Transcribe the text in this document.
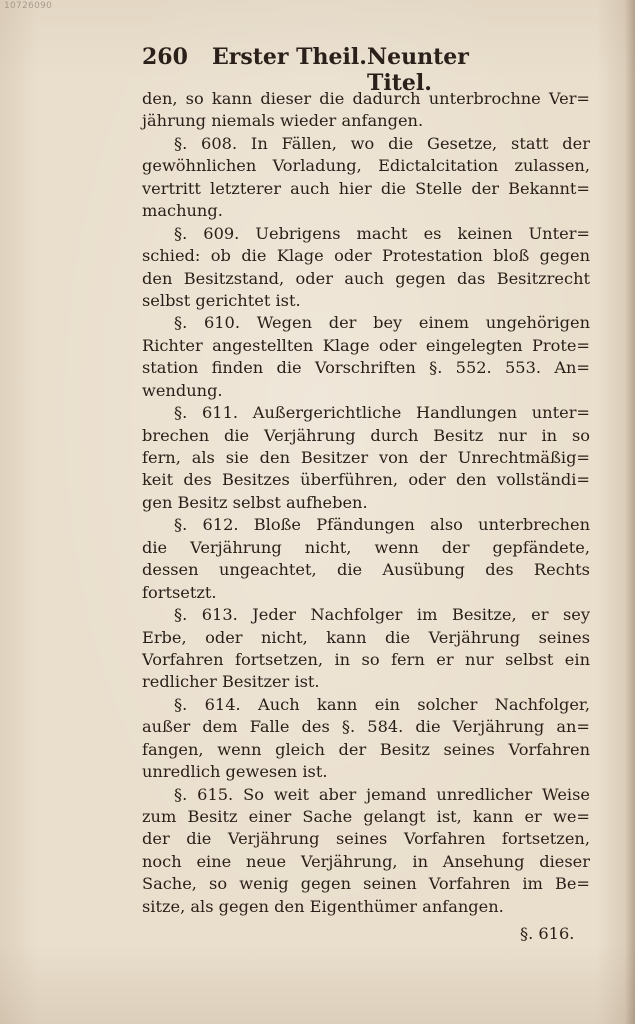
10726090
260 Erster Theil. Neunter Titel.
den, so kann dieser die dadurch unterbrochne Ver=
jährung niemals wieder anfangen.
§. 608. In Fällen, wo die Gesetze, statt der
gewöhnlichen Vorladung, Edictalcitation zulassen,
vertritt letzterer auch hier die Stelle der Bekannt=
machung.
§. 609. Uebrigens macht es keinen Unter=
schied: ob die Klage oder Protestation bloß gegen
den Besitzstand, oder auch gegen das Besitzrecht
selbst gerichtet ist.
§. 610. Wegen der bey einem ungehörigen
Richter angestellten Klage oder eingelegten Prote=
station finden die Vorschriften §. 552. 553. An=
wendung.
§. 611. Außergerichtliche Handlungen unter=
brechen die Verjährung durch Besitz nur in so
fern, als sie den Besitzer von der Unrechtmäßig=
keit des Besitzes überführen, oder den vollständi=
gen Besitz selbst aufheben.
§. 612. Bloße Pfändungen also unterbrechen
die Verjährung nicht, wenn der gepfändete,
dessen ungeachtet, die Ausübung des Rechts
fortsetzt.
§. 613. Jeder Nachfolger im Besitze, er sey
Erbe, oder nicht, kann die Verjährung seines
Vorfahren fortsetzen, in so fern er nur selbst ein
redlicher Besitzer ist.
§. 614. Auch kann ein solcher Nachfolger,
außer dem Falle des §. 584. die Verjährung an=
fangen, wenn gleich der Besitz seines Vorfahren
unredlich gewesen ist.
§. 615. So weit aber jemand unredlicher Weise
zum Besitz einer Sache gelangt ist, kann er we=
der die Verjährung seines Vorfahren fortsetzen,
noch eine neue Verjährung, in Ansehung dieser
Sache, so wenig gegen seinen Vorfahren im Be=
sitze, als gegen den Eigenthümer anfangen.
§. 616.
